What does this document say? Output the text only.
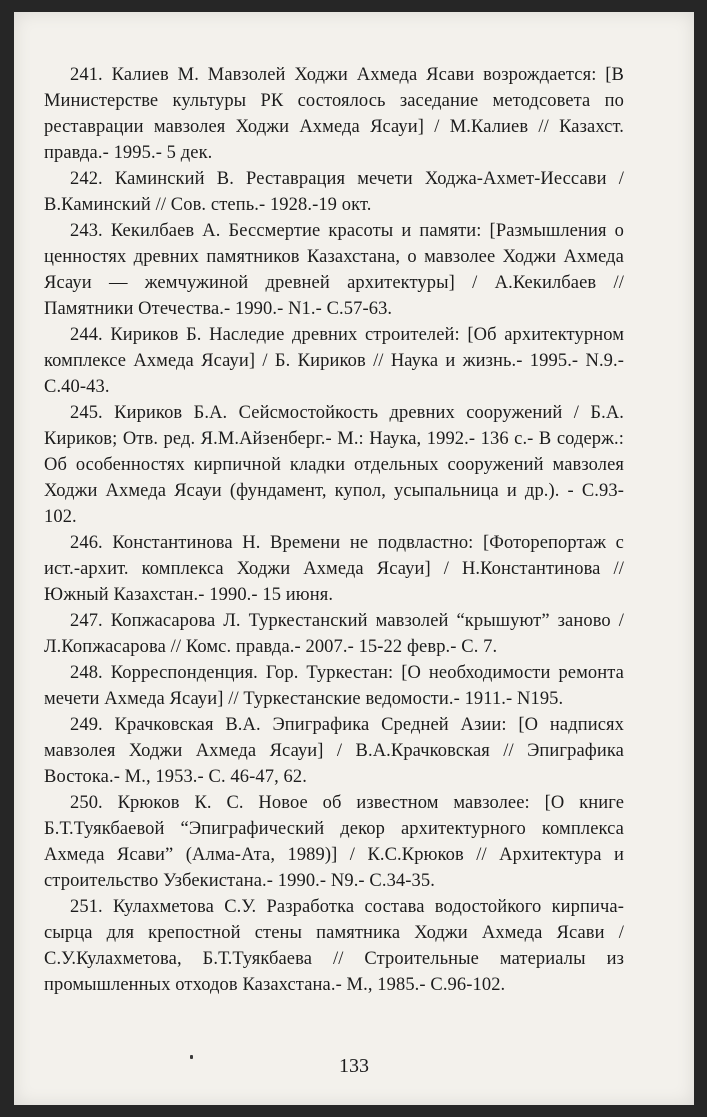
241. Калиев М. Мавзолей Ходжи Ахмеда Ясави возрождается: [В Министерстве культуры РК состоялось заседание методсовета по реставрации мавзолея Ходжи Ахмеда Ясауи] / М.Калиев // Казахст. правда.- 1995.- 5 дек.

242. Каминский В. Реставрация мечети Ходжа-Ахмет-Иессави / В.Каминский // Сов. степь.- 1928.-19 окт.

243. Кекилбаев А. Бессмертие красоты и памяти: [Размышления о ценностях древних памятников Казахстана, о мавзолее Ходжи Ахмеда Ясауи — жемчужиной древней архитектуры] / А.Кекилбаев // Памятники Отечества.- 1990.- N1.- С.57-63.

244. Кириков Б. Наследие древних строителей: [Об архитектурном комплексе Ахмеда Ясауи] / Б. Кириков // Наука и жизнь.- 1995.- N.9.- С.40-43.

245. Кириков Б.А. Сейсмостойкость древних сооружений / Б.А. Кириков; Отв. ред. Я.М.Айзенберг.- М.: Наука, 1992.- 136 с.- В содерж.: Об особенностях кирпичной кладки отдельных сооружений мавзолея Ходжи Ахмеда Ясауи (фундамент, купол, усыпальница и др.). - С.93-102.

246. Константинова Н. Времени не подвластно: [Фоторепортаж с ист.-архит. комплекса Ходжи Ахмеда Ясауи] / Н.Константинова // Южный Казахстан.- 1990.- 15 июня.

247. Копжасарова Л. Туркестанский мавзолей “крышуют” заново / Л.Копжасарова // Комс. правда.- 2007.- 15-22 февр.- С. 7.

248. Корреспонденция. Гор. Туркестан: [О необходимости ремонта мечети Ахмеда Ясауи] // Туркестанские ведомости.- 1911.- N195.

249. Крачковская В.А. Эпиграфика Средней Азии: [О надписях мавзолея Ходжи Ахмеда Ясауи] / В.А.Крачковская // Эпиграфика Востока.- М., 1953.- С. 46-47, 62.

250. Крюков К. С. Новое об известном мавзолее: [О книге Б.Т.Туякбаевой “Эпиграфический декор архитектурного комплекса Ахмеда Ясави” (Алма-Ата, 1989)] / К.С.Крюков // Архитектура и строительство Узбекистана.- 1990.- N9.- С.34-35.

251. Кулахметова С.У. Разработка состава водостойкого кирпича-сырца для крепостной стены памятника Ходжи Ахмеда Ясави / С.У.Кулахметова, Б.Т.Туякбаева // Строительные материалы из промышленных отходов Казахстана.- М., 1985.- С.96-102.

133
